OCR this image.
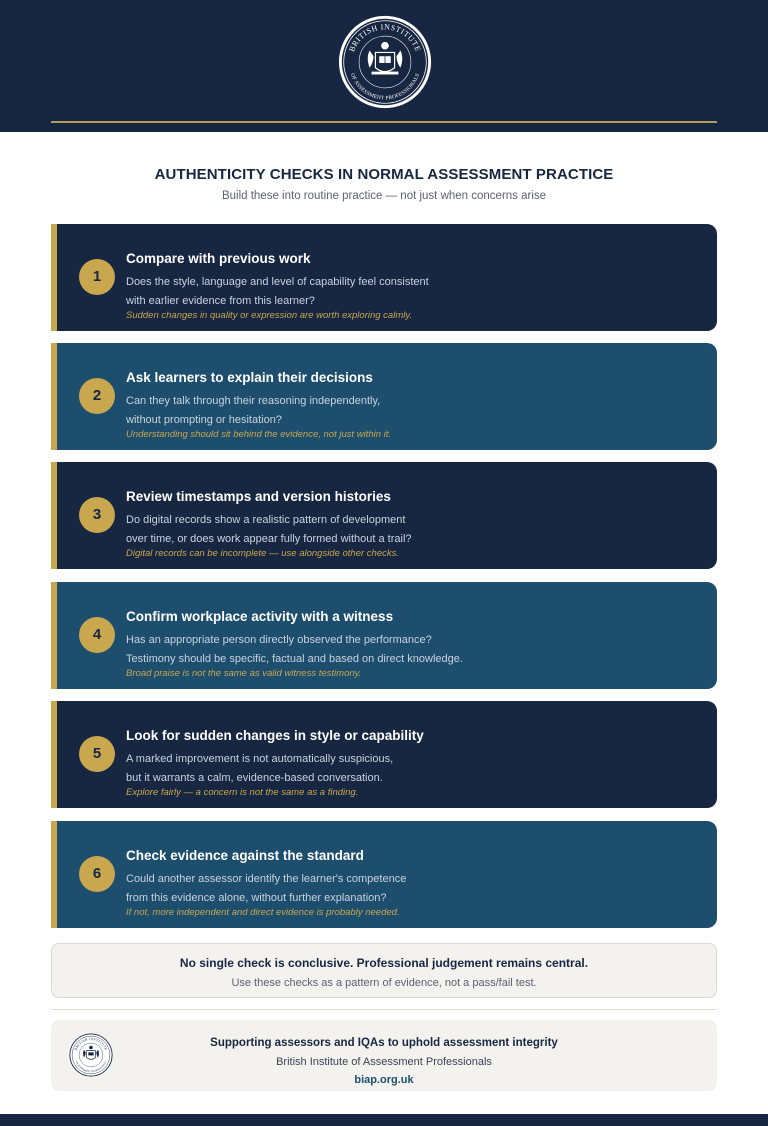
BRITISH INSTITUTE
OF ASSESSMENT PROFESSIONALS
AUTHENTICITY CHECKS IN NORMAL ASSESSMENT PRACTICE
Build these into routine practice — not just when concerns arise
1
Compare with previous work
Does the style, language and level of capability feel consistent
with earlier evidence from this learner?
Sudden changes in quality or expression are worth exploring calmly.
2
Ask learners to explain their decisions
Can they talk through their reasoning independently,
without prompting or hesitation?
Understanding should sit behind the evidence, not just within it.
3
Review timestamps and version histories
Do digital records show a realistic pattern of development
over time, or does work appear fully formed without a trail?
Digital records can be incomplete — use alongside other checks.
4
Confirm workplace activity with a witness
Has an appropriate person directly observed the performance?
Testimony should be specific, factual and based on direct knowledge.
Broad praise is not the same as valid witness testimony.
5
Look for sudden changes in style or capability
A marked improvement is not automatically suspicious,
but it warrants a calm, evidence-based conversation.
Explore fairly — a concern is not the same as a finding.
6
Check evidence against the standard
Could another assessor identify the learner's competence
from this evidence alone, without further explanation?
If not, more independent and direct evidence is probably needed.
No single check is conclusive. Professional judgement remains central.
Use these checks as a pattern of evidence, not a pass/fail test.
BRITISH INSTITUTE
OF ASSESSMENT PROFESSIONALS
Supporting assessors and IQAs to uphold assessment integrity
British Institute of Assessment Professionals
biap.org.uk
